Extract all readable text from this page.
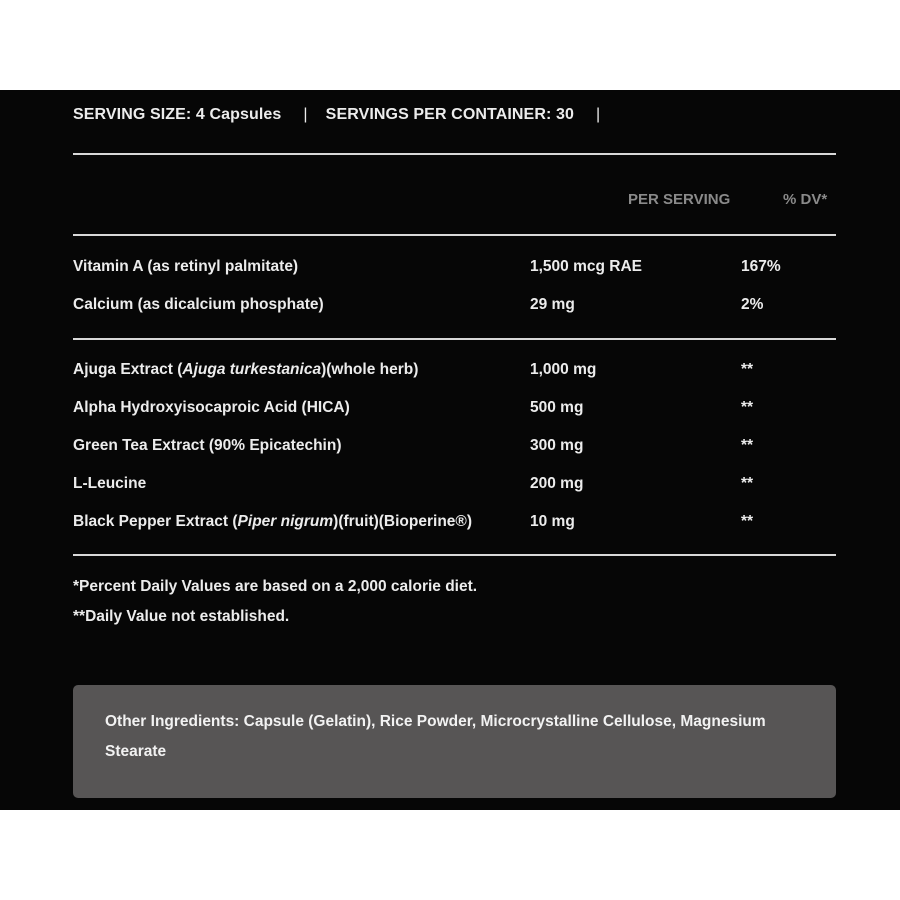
SERVING SIZE: 4 Capsules | SERVINGS PER CONTAINER: 30 |
PER SERVING	% DV*
Vitamin A (as retinyl palmitate)	1,500 mcg RAE	167%
Calcium (as dicalcium phosphate)	29 mg	2%
Ajuga Extract (Ajuga turkestanica)(whole herb)	1,000 mg	**
Alpha Hydroxyisocaproic Acid (HICA)	500 mg	**
Green Tea Extract (90% Epicatechin)	300 mg	**
L-Leucine	200 mg	**
Black Pepper Extract (Piper nigrum)(fruit)(Bioperine®)	10 mg	**
*Percent Daily Values are based on a 2,000 calorie diet.
**Daily Value not established.
Other Ingredients: Capsule (Gelatin), Rice Powder, Microcrystalline Cellulose, Magnesium Stearate
